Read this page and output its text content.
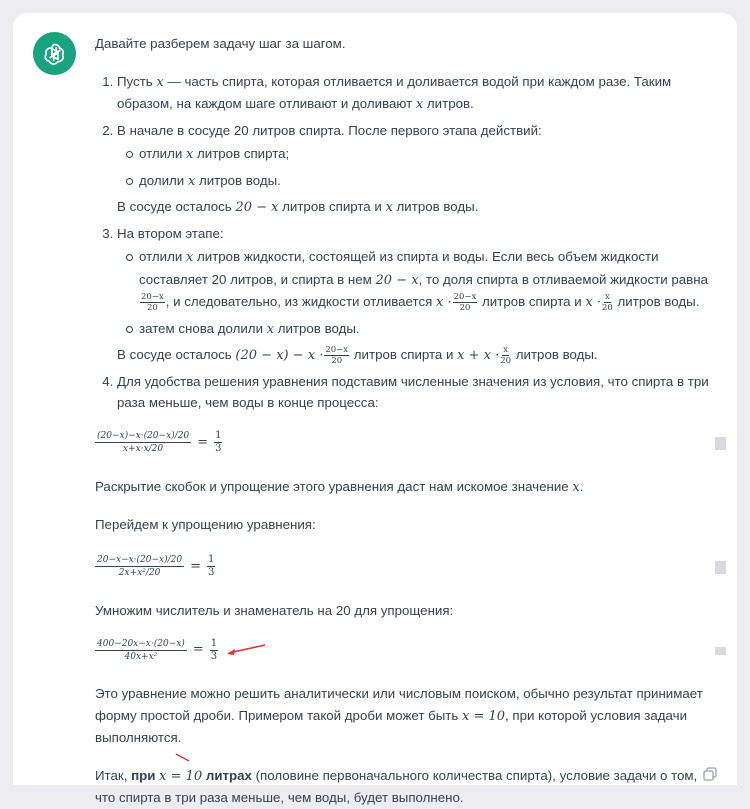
Давайте разберем задачу шаг за шагом.

1. Пусть x — часть спирта, которая отливается и доливается водой при каждом разе. Таким образом, на каждом шаге отливают и доливают x литров.
2. В начале в сосуде 20 литров спирта. После первого этапа действий:
отлили x литров спирта;
долили x литров воды.
В сосуде осталось 20 − x литров спирта и x литров воды.
3. На втором этапе:
отлили x литров жидкости, состоящей из спирта и воды. Если весь объем жидкости составляет 20 литров, и спирта в нем 20 − x, то доля спирта в отливаемой жидкости равна

$\frac{20-x}{20}$ , и следовательно, из жидкости отливается $x \cdot \frac{20-x}{20}$ литров спирта и $x \cdot \frac{x}{20}$ литров воды.
затем снова долили x литров воды.
В сосуде осталось $(20 - x) - x \cdot \frac{20-x}{20}$ литров спирта и $x + x \cdot \frac{x}{20}$ литров воды.
4. Для удобства решения уравнения подставим численные значения из условия, что спирта в три раза меньше, чем воды в конце процесса:
$\frac{(20-x)-x\cdot(20-x)/20}{x+x\cdot x/20} = \frac{1}{3}$

Раскрытие скобок и упрощение этого уравнения даст нам искомое значение x.

Перейдем к упрощению уравнения:

$\frac{20-x-x\cdot(20-x)/20}{\text{2x+x²/20}} = \frac{1}{3}$

Умножим числитель и знаменатель на 20 для упрощения:

$\frac{400-20x-x\cdot(20-x)}{\text{40x+x²}} = \frac{1}{3}$

Это уравнение можно решить аналитически или числовым поиском, обычно результат принимает форму простой дроби. Примером такой дроби может быть x = 10, при которой условия задачи выполняются.

Итак, при x = 10 литрах (половине первоначального количества спирта), условие задачи о том, что спирта в три раза меньше, чем воды, будет выполнено.
